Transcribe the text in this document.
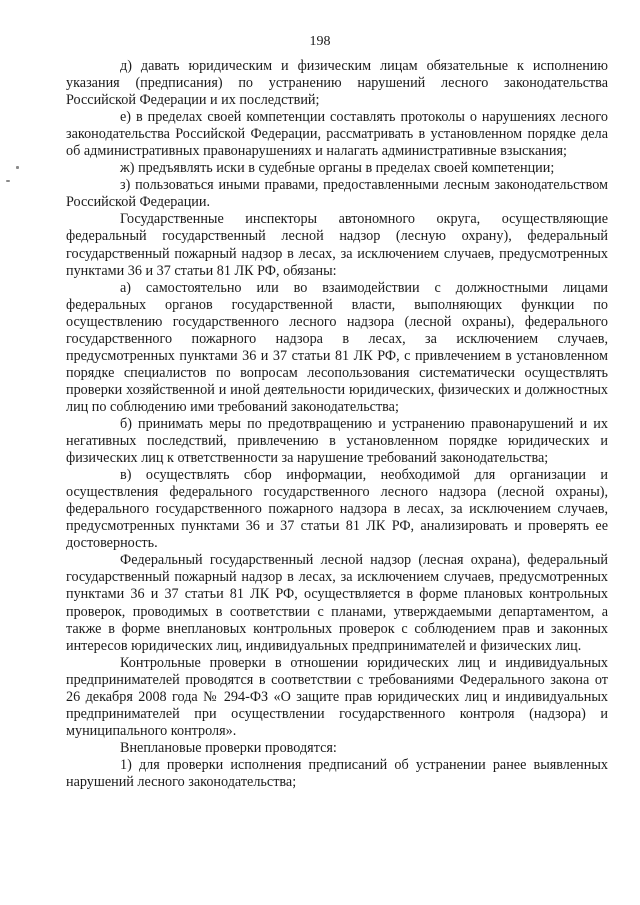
198

д) давать юридическим и физическим лицам обязательные к исполнению указания (предписания) по устранению нарушений лесного законодательства Российской Федерации и их последствий;

е) в пределах своей компетенции составлять протоколы о нарушениях лесного законодательства Российской Федерации, рассматривать в установленном порядке дела об административных правонарушениях и налагать административные взыскания;

ж) предъявлять иски в судебные органы в пределах своей компетенции;

з) пользоваться иными правами, предоставленными лесным законодательством Российской Федерации.

Государственные инспекторы автономного округа, осуществляющие федеральный государственный лесной надзор (лесную охрану), федеральный государственный пожарный надзор в лесах, за исключением случаев, предусмотренных пунктами 36 и 37 статьи 81 ЛК РФ, обязаны:

а) самостоятельно или во взаимодействии с должностными лицами федеральных органов государственной власти, выполняющих функции по осуществлению государственного лесного надзора (лесной охраны), федерального государственного пожарного надзора в лесах, за исключением случаев, предусмотренных пунктами 36 и 37 статьи 81 ЛК РФ, с привлечением в установленном порядке специалистов по вопросам лесопользования систематически осуществлять проверки хозяйственной и иной деятельности юридических, физических и должностных лиц по соблюдению ими требований законодательства;

б) принимать меры по предотвращению и устранению правонарушений и их негативных последствий, привлечению в установленном порядке юридических и физических лиц к ответственности за нарушение требований законодательства;

в) осуществлять сбор информации, необходимой для организации и осуществления федерального государственного лесного надзора (лесной охраны), федерального государственного пожарного надзора в лесах, за исключением случаев, предусмотренных пунктами 36 и 37 статьи 81 ЛК РФ, анализировать и проверять ее достоверность.

Федеральный государственный лесной надзор (лесная охрана), федеральный государственный пожарный надзор в лесах, за исключением случаев, предусмотренных пунктами 36 и 37 статьи 81 ЛК РФ, осуществляется в форме плановых контрольных проверок, проводимых в соответствии с планами, утверждаемыми департаментом, а также в форме внеплановых контрольных проверок с соблюдением прав и законных интересов юридических лиц, индивидуальных предпринимателей и физических лиц.

Контрольные проверки в отношении юридических лиц и индивидуальных предпринимателей проводятся в соответствии с требованиями Федерального закона от 26 декабря 2008 года № 294-ФЗ «О защите прав юридических лиц и индивидуальных предпринимателей при осуществлении государственного контроля (надзора) и муниципального контроля».

Внеплановые проверки проводятся:

1) для проверки исполнения предписаний об устранении ранее выявленных нарушений лесного законодательства;
